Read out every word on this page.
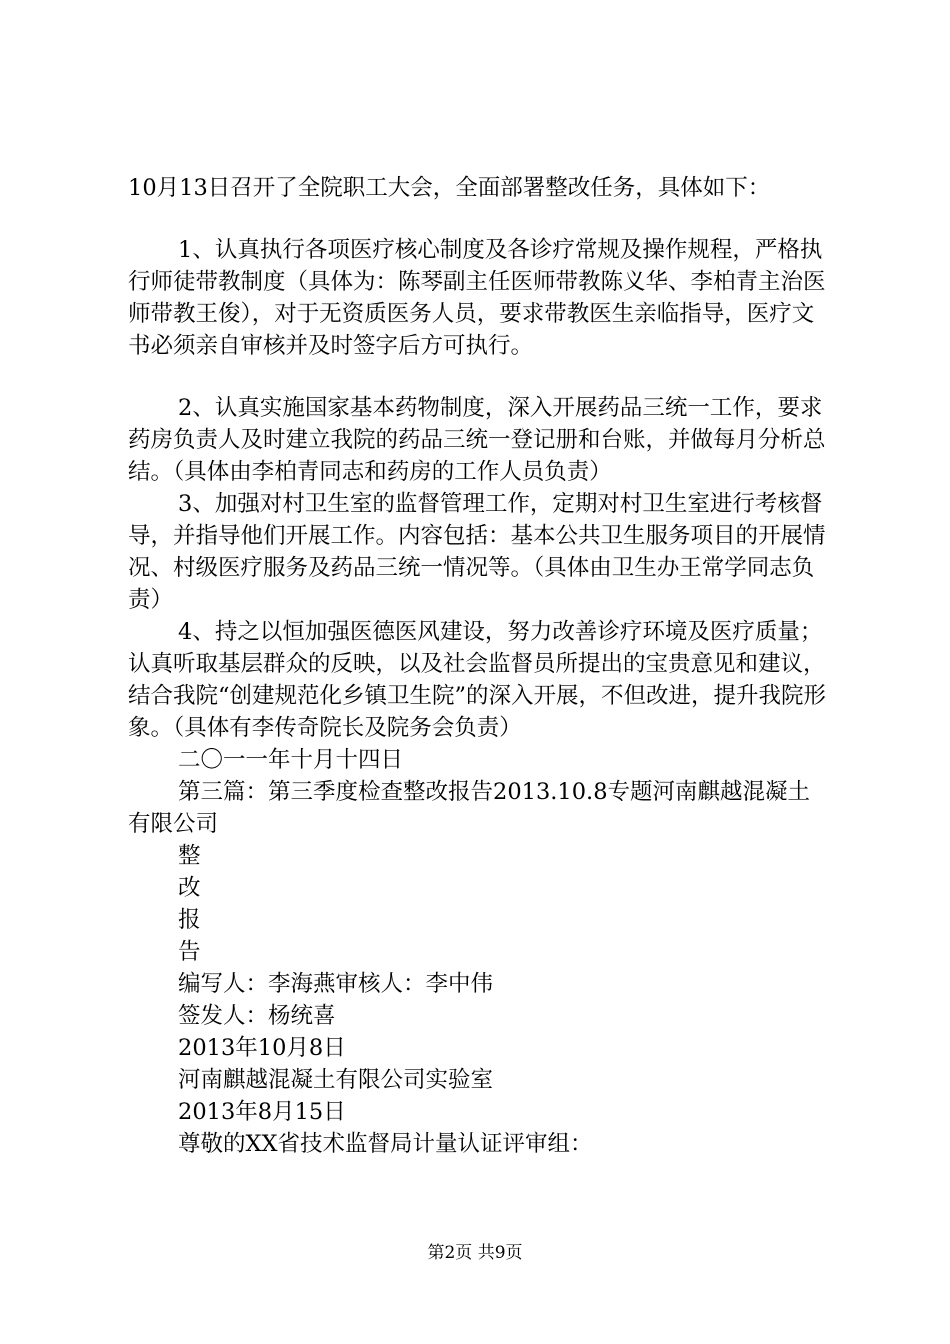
10月13日召开了全院职工大会，全面部署整改任务，具体如下：

1、认真执行各项医疗核心制度及各诊疗常规及操作规程，严格执行师徒带教制度（具体为：陈琴副主任医师带教陈义华、李柏青主治医师带教王俊），对于无资质医务人员，要求带教医生亲临指导，医疗文书必须亲自审核并及时签字后方可执行。

2、认真实施国家基本药物制度，深入开展药品三统一工作，要求药房负责人及时建立我院的药品三统一登记册和台账，并做每月分析总结。（具体由李柏青同志和药房的工作人员负责）

3、加强对村卫生室的监督管理工作，定期对村卫生室进行考核督导，并指导他们开展工作。内容包括：基本公共卫生服务项目的开展情况、村级医疗服务及药品三统一情况等。（具体由卫生办王常学同志负责）

4、持之以恒加强医德医风建设，努力改善诊疗环境及医疗质量；认真听取基层群众的反映，以及社会监督员所提出的宝贵意见和建议，结合我院“创建规范化乡镇卫生院”的深入开展，不但改进，提升我院形象。（具体有李传奇院长及院务会负责）

二〇一一年十月十四日

第三篇：第三季度检查整改报告2013.10.8专题河南麒越混凝土有限公司

整
改
报
告
编写人：李海燕审核人：李中伟
签发人：杨统喜
2013年10月8日
河南麒越混凝土有限公司实验室
2013年8月15日
尊敬的XX省技术监督局计量认证评审组：
第2页 共9页
